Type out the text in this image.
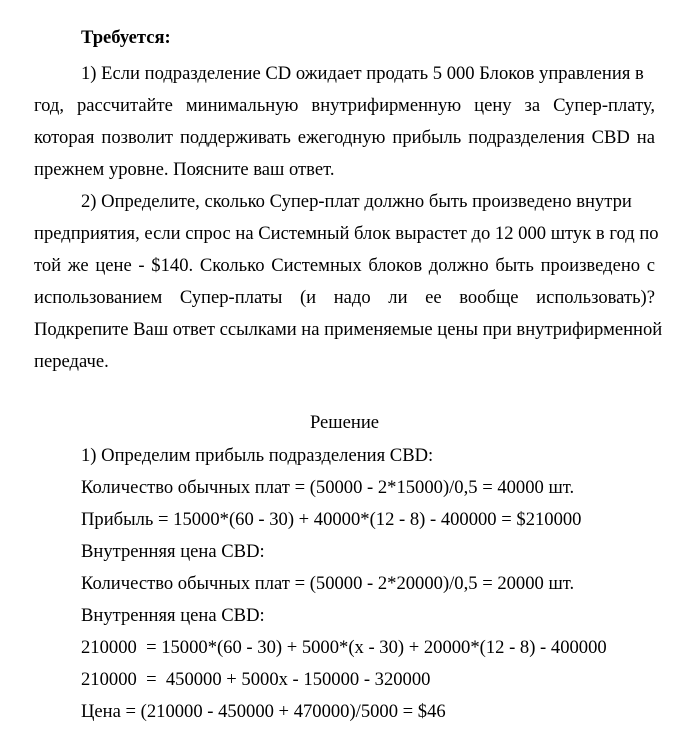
Требуется:
1) Если подразделение CD ожидает продать 5 000 Блоков управления в
год, рассчитайте минимальную внутрифирменную цену за Супер-плату,
которая позволит поддерживать ежегодную прибыль подразделения CBD на
прежнем уровне. Поясните ваш ответ.
2) Определите, сколько Супер-плат должно быть произведено внутри
предприятия, если спрос на Системный блок вырастет до 12 000 штук в год по
той же цене - $140. Сколько Системных блоков должно быть произведено с
использованием Супер-платы (и надо ли ее вообще использовать)?
Подкрепите Ваш ответ ссылками на применяемые цены при внутрифирменной
передаче.
Решение
1) Определим прибыль подразделения CBD:
Количество обычных плат = (50000 - 2*15000)/0,5 = 40000 шт.
Прибыль = 15000*(60 - 30) + 40000*(12 - 8) - 400000 = $210000
Внутренняя цена CBD:
Количество обычных плат = (50000 - 2*20000)/0,5 = 20000 шт.
Внутренняя цена CBD:
210000  = 15000*(60 - 30) + 5000*(x - 30) + 20000*(12 - 8) - 400000
210000  =  450000 + 5000x - 150000 - 320000
Цена = (210000 - 450000 + 470000)/5000 = $46
